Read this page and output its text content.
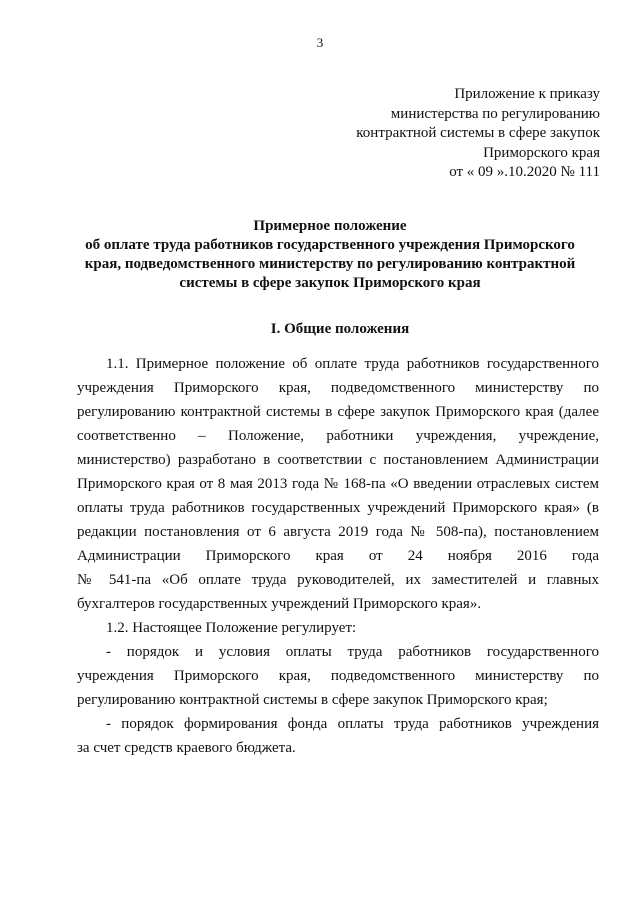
3
Приложение к приказу
министерства по регулированию
контрактной системы в сфере закупок
Приморского края
от « 09 ».10.2020 № 111
Примерное положение
об оплате труда работников государственного учреждения Приморского
края, подведомственного министерству по регулированию контрактной
системы в сфере закупок Приморского края
I. Общие положения
1.1. Примерное положение об оплате труда работников государственного
учреждения Приморского края, подведомственного министерству по
регулированию контрактной системы в сфере закупок Приморского края (далее
соответственно – Положение, работники учреждения, учреждение,
министерство) разработано в соответствии с постановлением Администрации
Приморского края от 8 мая 2013 года № 168-па «О введении отраслевых систем
оплаты труда работников государственных учреждений Приморского края» (в
редакции постановления от 6 августа 2019 года № 508-па), постановлением
Администрации Приморского края от 24 ноября 2016 года
№ 541-па «Об оплате труда руководителей, их заместителей и главных
бухгалтеров государственных учреждений Приморского края».
1.2. Настоящее Положение регулирует:
- порядок и условия оплаты труда работников государственного
учреждения Приморского края, подведомственного министерству по
регулированию контрактной системы в сфере закупок Приморского края;
- порядок формирования фонда оплаты труда работников учреждения
за счет средств краевого бюджета.
